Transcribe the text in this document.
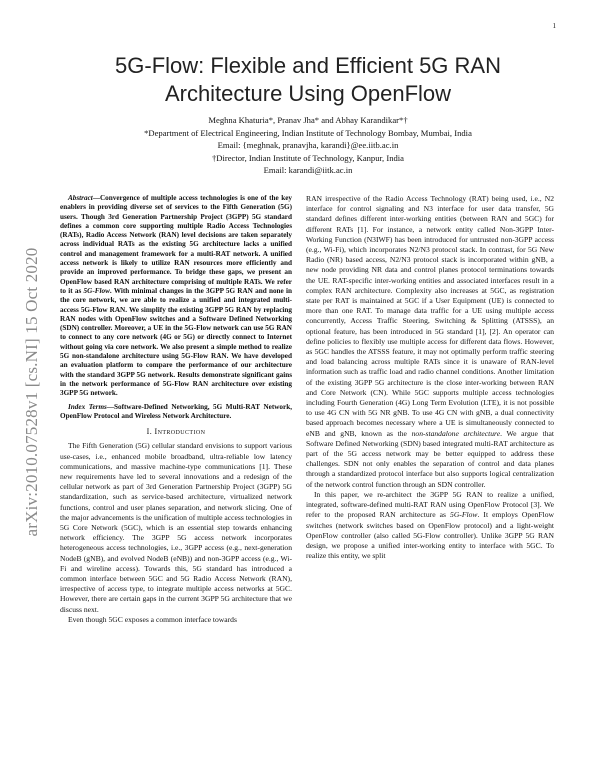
1
arXiv:2010.07528v1 [cs.NI] 15 Oct 2020
5G-Flow: Flexible and Efficient 5G RAN
Architecture Using OpenFlow
Meghna Khaturia*, Pranav Jha* and Abhay Karandikar*†
*Department of Electrical Engineering, Indian Institute of Technology Bombay, Mumbai, India
Email: {meghnak, pranavjha, karandi}@ee.iitb.ac.in
†Director, Indian Institute of Technology, Kanpur, India
Email: karandi@iitk.ac.in

Abstract—Convergence of multiple access technologies is one of the key enablers in providing diverse set of services to the Fifth Generation (5G) users. Though 3rd Generation Partnership Project (3GPP) 5G standard defines a common core supporting multiple Radio Access Technologies (RATs), Radio Access Network (RAN) level decisions are taken separately across individual RATs as the existing 5G architecture lacks a unified control and management framework for a multi-RAT network. A unified access network is likely to utilize RAN resources more efficiently and provide an improved performance. To bridge these gaps, we present an OpenFlow based RAN architecture comprising of multiple RATs. We refer to it as 5G-Flow. With minimal changes in the 3GPP 5G RAN and none in the core network, we are able to realize a unified and integrated multi-access 5G-Flow RAN. We simplify the existing 3GPP 5G RAN by replacing RAN nodes with OpenFlow switches and a Software Defined Networking (SDN) controller. Moreover, a UE in the 5G-Flow network can use 5G RAN to connect to any core network (4G or 5G) or directly connect to Internet without going via core network. We also present a simple method to realize 5G non-standalone architecture using 5G-Flow RAN. We have developed an evaluation platform to compare the performance of our architecture with the standard 3GPP 5G network. Results demonstrate significant gains in the network performance of 5G-Flow RAN architecture over existing 3GPP 5G network.

Index Terms—Software-Defined Networking, 5G Multi-RAT Network, OpenFlow Protocol and Wireless Network Architecture.

I. Introduction

The Fifth Generation (5G) cellular standard envisions to support various use-cases, i.e., enhanced mobile broadband, ultra-reliable low latency communications, and massive machine-type communications [1]. These new requirements have led to several innovations and a redesign of the cellular network as part of 3rd Generation Partnership Project (3GPP) 5G standardization, such as service-based architecture, virtualized network functions, control and user planes separation, and network slicing. One of the major advancements is the unification of multiple access technologies in 5G Core Network (5GC), which is an essential step towards enhancing network efficiency. The 3GPP 5G access network incorporates heterogeneous access technologies, i.e., 3GPP access (e.g., next-generation NodeB (gNB), and evolved NodeB (eNB)) and non-3GPP access (e.g., Wi-Fi and wireline access). Towards this, 5G standard has introduced a common interface between 5GC and 5G Radio Access Network (RAN), irrespective of access type, to integrate multiple access networks at 5GC. However, there are certain gaps in the current 3GPP 5G architecture that we discuss next.

Even though 5GC exposes a common interface towards

RAN irrespective of the Radio Access Technology (RAT) being used, i.e., N2 interface for control signaling and N3 interface for user data transfer, 5G standard defines different inter-working entities (between RAN and 5GC) for different RATs [1]. For instance, a network entity called Non-3GPP Inter-Working Function (N3IWF) has been introduced for untrusted non-3GPP access (e.g., Wi-Fi), which incorporates N2/N3 protocol stack. In contrast, for 5G New Radio (NR) based access, N2/N3 protocol stack is incorporated within gNB, a new node providing NR data and control planes protocol terminations towards the UE. RAT-specific inter-working entities and associated interfaces result in a complex RAN architecture. Complexity also increases at 5GC, as registration state per RAT is maintained at 5GC if a User Equipment (UE) is connected to more than one RAT. To manage data traffic for a UE using multiple access concurrently, Access Traffic Steering, Switching & Splitting (ATSSS), an optional feature, has been introduced in 5G standard [1], [2]. An operator can define policies to flexibly use multiple access for different data flows. However, as 5GC handles the ATSSS feature, it may not optimally perform traffic steering and load balancing across multiple RATs since it is unaware of RAN-level information such as traffic load and radio channel conditions. Another limitation of the existing 3GPP 5G architecture is the close inter-working between RAN and Core Network (CN). While 5GC supports multiple access technologies including Fourth Generation (4G) Long Term Evolution (LTE), it is not possible to use 4G CN with 5G NR gNB. To use 4G CN with gNB, a dual connectivity based approach becomes necessary where a UE is simultaneously connected to eNB and gNB, known as the non-standalone architecture. We argue that Software Defined Networking (SDN) based integrated multi-RAT architecture as part of the 5G access network may be better equipped to address these challenges. SDN not only enables the separation of control and data planes through a standardized protocol interface but also supports logical centralization of the network control function through an SDN controller.

In this paper, we re-architect the 3GPP 5G RAN to realize a unified, integrated, software-defined multi-RAT RAN using OpenFlow Protocol [3]. We refer to the proposed RAN architecture as 5G-Flow. It employs OpenFlow switches (network switches based on OpenFlow protocol) and a light-weight OpenFlow controller (also called 5G-Flow controller). Unlike 3GPP 5G RAN design, we propose a unified inter-working entity to interface with 5GC. To realize this entity, we split
